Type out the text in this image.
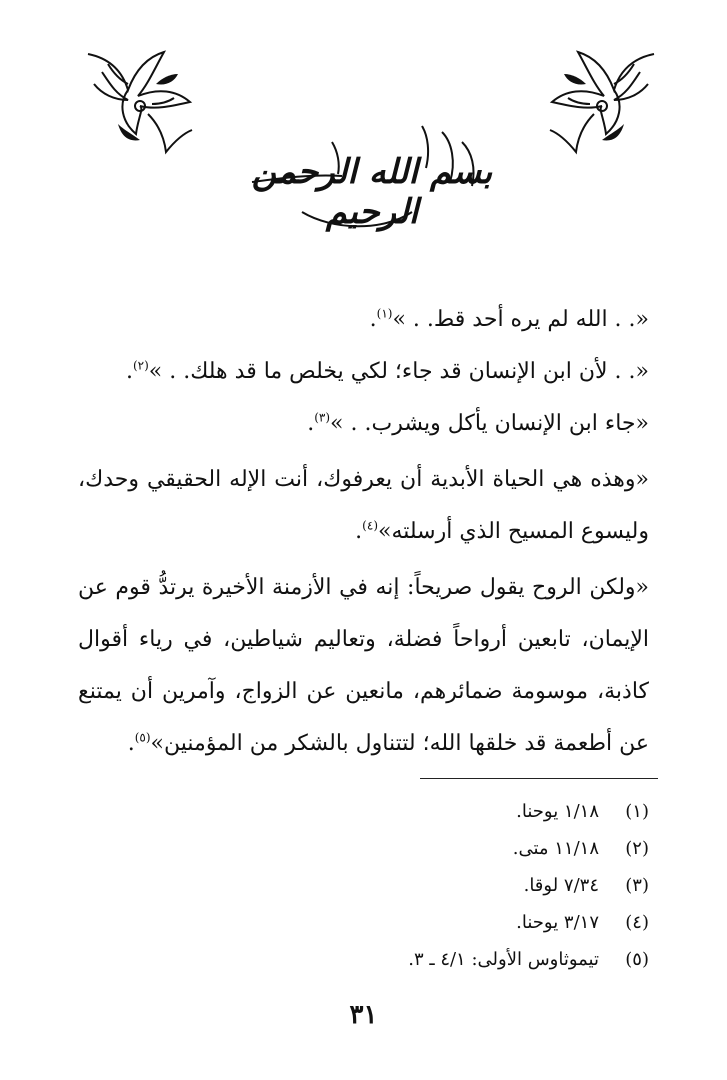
بسم الله الرحمن الرحيم

«. . الله لم يره أحد قط. . »$^{(١)}$.

«. . لأن ابن الإنسان قد جاء؛ لكي يخلص ما قد هلك. . »$^{(٢)}$.

«جاء ابن الإنسان يأكل ويشرب. . »$^{(٣)}$.

«وهذه هي الحياة الأبدية أن يعرفوك، أنت الإله الحقيقي وحدك، وليسوع المسيح الذي أرسلته»$^{(٤)}$.

«ولكن الروح يقول صريحاً: إنه في الأزمنة الأخيرة يرتدُّ قوم عن الإيمان، تابعين أرواحاً فضلة، وتعاليم شياطين، في رياء أقوال كاذبة، موسومة ضمائرهم، مانعين عن الزواج، وآمرين أن يمتنع عن أطعمة قد خلقها الله؛ لتتناول بالشكر من المؤمنين»$^{(٥)}$.

(١)١/١٨ يوحنا.
(٢)١١/١٨ متى.
(٣)٧/٣٤ لوقا.
(٤)٣/١٧ يوحنا.
(٥)تيموثاوس الأولى: ٤/١ ـ ٣.
٣١
